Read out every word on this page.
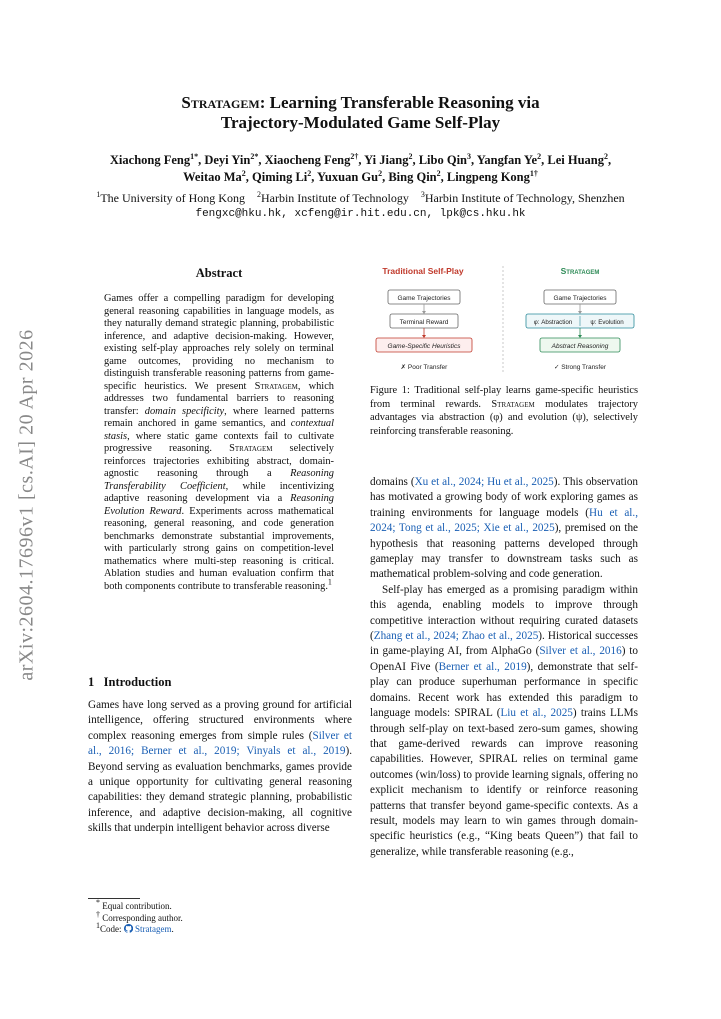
Stratagem: Learning Transferable Reasoning via
Trajectory-Modulated Game Self-Play
Xiachong Feng$^{1*}$, Deyi Yin$^{2*}$, Xiaocheng Feng$^{2\dagger}$, Yi Jiang$^2$, Libo Qin$^3$, Yangfan Ye$^2$, Lei Huang$^2$,
Weitao Ma$^2$, Qiming Li$^2$, Yuxuan Gu$^2$, Bing Qin$^2$, Lingpeng Kong$^{1\dagger}$
$^1$The University of Hong Kong $^2$Harbin Institute of Technology $^3$Harbin Institute of Technology, Shenzhen
fengxc@hku.hk, xcfeng@ir.hit.edu.cn, lpk@cs.hku.hk
arXiv:2604.17696v1 [cs.AI] 20 Apr 2026
Abstract
Games offer a compelling paradigm for developing general reasoning capabilities in language models, as they naturally demand strategic planning, probabilistic inference, and adaptive decision-making. However, existing self-play approaches rely solely on terminal game outcomes, providing no mechanism to distinguish transferable reasoning patterns from game-specific heuristics. We present Stratagem, which addresses two fundamental barriers to reasoning transfer: domain specificity, where learned patterns remain anchored in game semantics, and contextual stasis, where static game contexts fail to cultivate progressive reasoning. Stratagem selectively reinforces trajectories exhibiting abstract, domain-agnostic reasoning through a Reasoning Transferability Coefficient, while incentivizing adaptive reasoning development via a Reasoning Evolution Reward. Experiments across mathematical reasoning, general reasoning, and code generation benchmarks demonstrate substantial improvements, with particularly strong gains on competition-level mathematics where multi-step reasoning is critical. Ablation studies and human evaluation confirm that both components contribute to transferable reasoning.$^1$
1 Introduction
Games have long served as a proving ground for artificial intelligence, offering structured environments where complex reasoning emerges from simple rules (Silver et al., 2016; Berner et al., 2019; Vinyals et al., 2019). Beyond serving as evaluation benchmarks, games provide a unique opportunity for cultivating general reasoning capabilities: they demand strategic planning, probabilistic inference, and adaptive decision-making, all cognitive skills that underpin intelligent behavior across diverse
* Equal contribution.
† Corresponding author.
$^1$Code: Stratagem.
Traditional Self-Play
Game Trajectories
Terminal Reward
Game-Specific Heuristics
✗ Poor Transfer
Stratagem
Game Trajectories
φ: Abstraction	ψ: Evolution
Abstract Reasoning
✓ Strong Transfer
Figure 1: Traditional self-play learns game-specific heuristics from terminal rewards. Stratagem modulates trajectory advantages via abstraction (φ) and evolution (ψ), selectively reinforcing transferable reasoning.

domains (Xu et al., 2024; Hu et al., 2025). This observation has motivated a growing body of work exploring games as training environments for language models (Hu et al., 2024; Tong et al., 2025; Xie et al., 2025), premised on the hypothesis that reasoning patterns developed through gameplay may transfer to downstream tasks such as mathematical problem-solving and code generation.

Self-play has emerged as a promising paradigm within this agenda, enabling models to improve through competitive interaction without requiring curated datasets (Zhang et al., 2024; Zhao et al., 2025). Historical successes in game-playing AI, from AlphaGo (Silver et al., 2016) to OpenAI Five (Berner et al., 2019), demonstrate that self-play can produce superhuman performance in specific domains. Recent work has extended this paradigm to language models: SPIRAL (Liu et al., 2025) trains LLMs through self-play on text-based zero-sum games, showing that game-derived rewards can improve reasoning capabilities. However, SPIRAL relies on terminal game outcomes (win/loss) to provide learning signals, offering no explicit mechanism to identify or reinforce reasoning patterns that transfer beyond game-specific contexts. As a result, models may learn to win games through domain-specific heuristics (e.g., “King beats Queen”) that fail to generalize, while transferable reasoning (e.g.,
